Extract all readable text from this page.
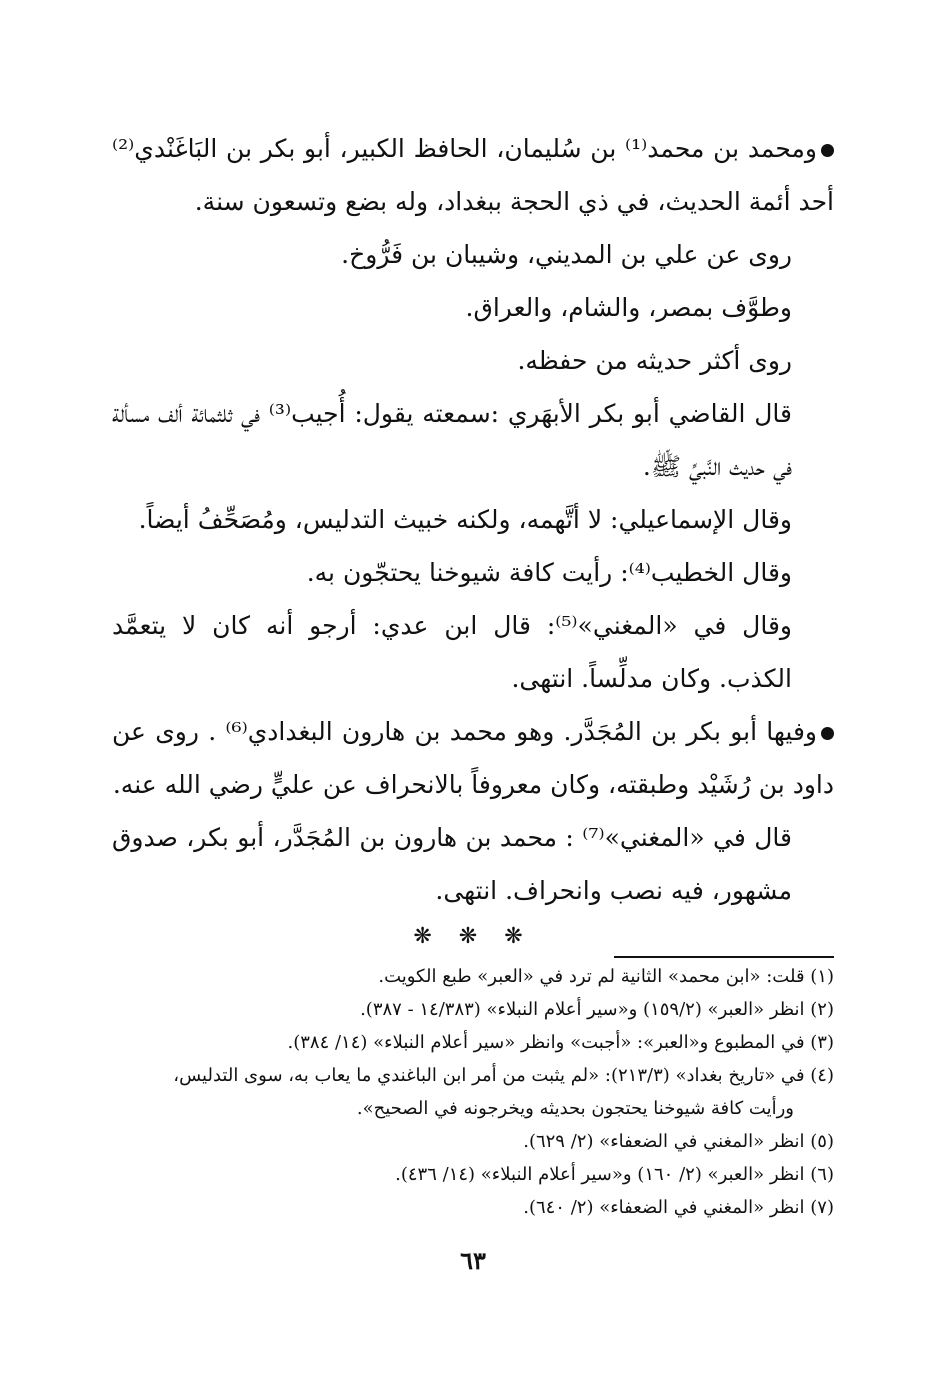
ومحمد بن محمد⁽¹⁾ بن سُليمان، الحافظ الكبير، أبو بكر بن البَاغَنْدي⁽²⁾ أحد أئمة الحديث، في ذي الحجة ببغداد، وله بضع وتسعون سنة.

روى عن علي بن المديني، وشيبان بن فَرُّوخ.

وطوَّف بمصر، والشام، والعراق.

روى أكثر حديثه من حفظه.

قال القاضي أبو بكر الأبهَري :سمعته يقول: أُجيب⁽³⁾ في ثلثمائة ألف مسألة في حديث النَّبيِّ ﷺ.

وقال الإسماعيلي: لا أتَّهمه، ولكنه خبيث التدليس، ومُصَحِّفُ أيضاً.

وقال الخطيب⁽⁴⁾: رأيت كافة شيوخنا يحتجّون به.

وقال في «المغني»⁽⁵⁾: قال ابن عدي: أرجو أنه كان لا يتعمَّد الكذب. وكان مدلِّساً. انتهى.

وفيها أبو بكر بن المُجَدَّر. وهو محمد بن هارون البغدادي⁽⁶⁾ . روى عن داود بن رُشَيْد وطبقته، وكان معروفاً بالانحراف عن عليٍّ رضي الله عنه.

قال في «المغني»⁽⁷⁾ : محمد بن هارون بن المُجَدَّر، أبو بكر، صدوق مشهور، فيه نصب وانحراف. انتهى.

❋ ❋ ❋

(١) قلت: «ابن محمد» الثانية لم ترد في «العبر» طبع الكويت.

(٢) انظر «العبر» (١٥٩/٢) و«سير أعلام النبلاء» (١٤/٣٨٣ - ٣٨٧).

(٣) في المطبوع و«العبر»: «أجبت» وانظر «سير أعلام النبلاء» (١٤/ ٣٨٤).

(٤) في «تاريخ بغداد» (٢١٣/٣): «لم يثبت من أمر ابن الباغندي ما يعاب به، سوى التدليس،

ورأيت كافة شيوخنا يحتجون بحديثه ويخرجونه في الصحيح».

(٥) انظر «المغني في الضعفاء» (٢/ ٦٢٩).

(٦) انظر «العبر» (٢/ ١٦٠) و«سير أعلام النبلاء» (١٤/ ٤٣٦).

(٧) انظر «المغني في الضعفاء» (٢/ ٦٤٠).

٦٣
